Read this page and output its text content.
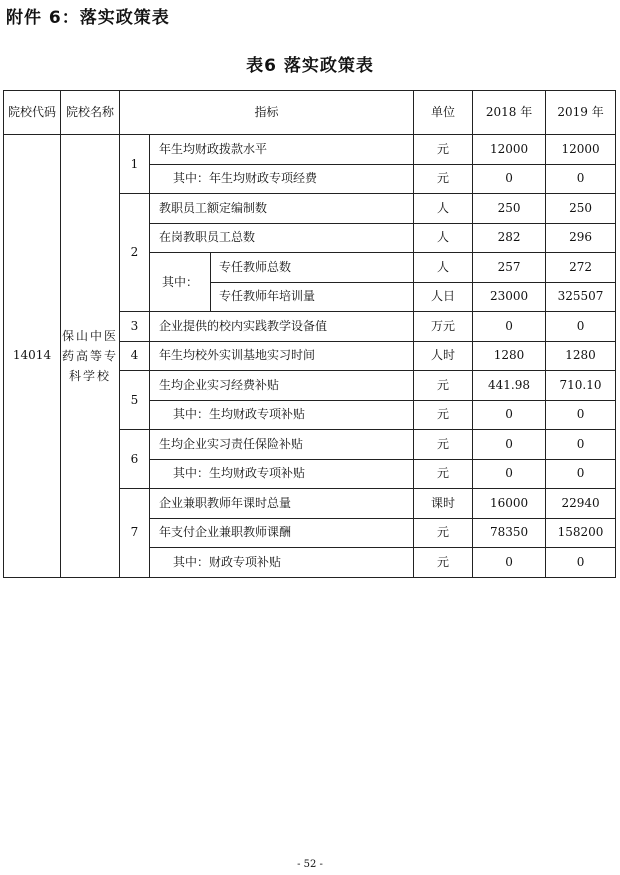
附件 6：落实政策表
表6 落实政策表
院校代码	院校名称	指标			单位	2018 年	2019 年
14014	保山中医药高等专科学校	1	年生均财政拨款水平		元	12000	12000
			其中：年生均财政专项经费		元	0	0
		2	教职员工额定编制数		人	250	250
			在岗教职员工总数		人	282	296
			其中：	专任教师总数	人	257	272
				专任教师年培训量	人日	23000	325507
		3	企业提供的校内实践教学设备值		万元	0	0
		4	年生均校外实训基地实习时间		人时	1280	1280
		5	生均企业实习经费补贴		元	441.98	710.10
			其中：生均财政专项补贴		元	0	0
		6	生均企业实习责任保险补贴		元	0	0
			其中：生均财政专项补贴		元	0	0
		7	企业兼职教师年课时总量		课时	16000	22940
			年支付企业兼职教师课酬		元	78350	158200
			其中：财政专项补贴		元	0	0
- 52 -
